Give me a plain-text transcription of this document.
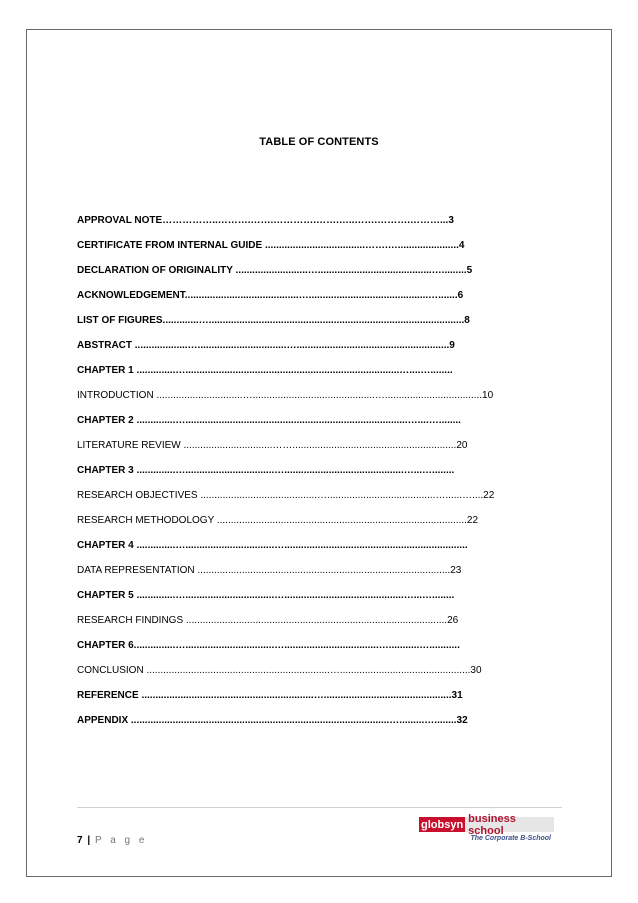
TABLE OF CONTENTS
APPROVAL NOTE……………..……….…….………….…….…..…….……….………...3
CERTIFICATE FROM INTERNAL GUIDE ....................................…….…......................4
DECLARATION OF ORIGINALITY ..........................….........................................….........5
ACKNOWLEDGEMENT.........................................…...........................................….......6
LIST OF FIGURES.............…............................................................................................8
ABSTRACT ...................…................................….......................................................9
CHAPTER 1 ..............….............................................................................…....…........
INTRODUCTION ...............................…............................................…...................................10
CHAPTER 2 ..............…................................................................................…....…........
LITERATURE REVIEW ................................……...........................................................20
CHAPTER 3 ..............…................................…...........................................…...…........
RESEARCH OBJECTIVES ..........................................….......................................…......…....22
RESEARCH METHODOLOGY ..........................................................................................22
CHAPTER 4 ..............…................................…..................................................................
DATA REPRESENTATION ...........................................................................................23
CHAPTER 5 ..............…................................…...........................................…...…........
RESEARCH FINDINGS ..............................................................................................26
CHAPTER 6...............…................................…..................................…...........…...........
CONCLUSION ..................................................................…...............................................30
REFERENCE ..............................................................…..............................................31
APPENDIX .............................................................................................….........…........32
7 | P a g e
globsyn business school
The Corporate B-School
